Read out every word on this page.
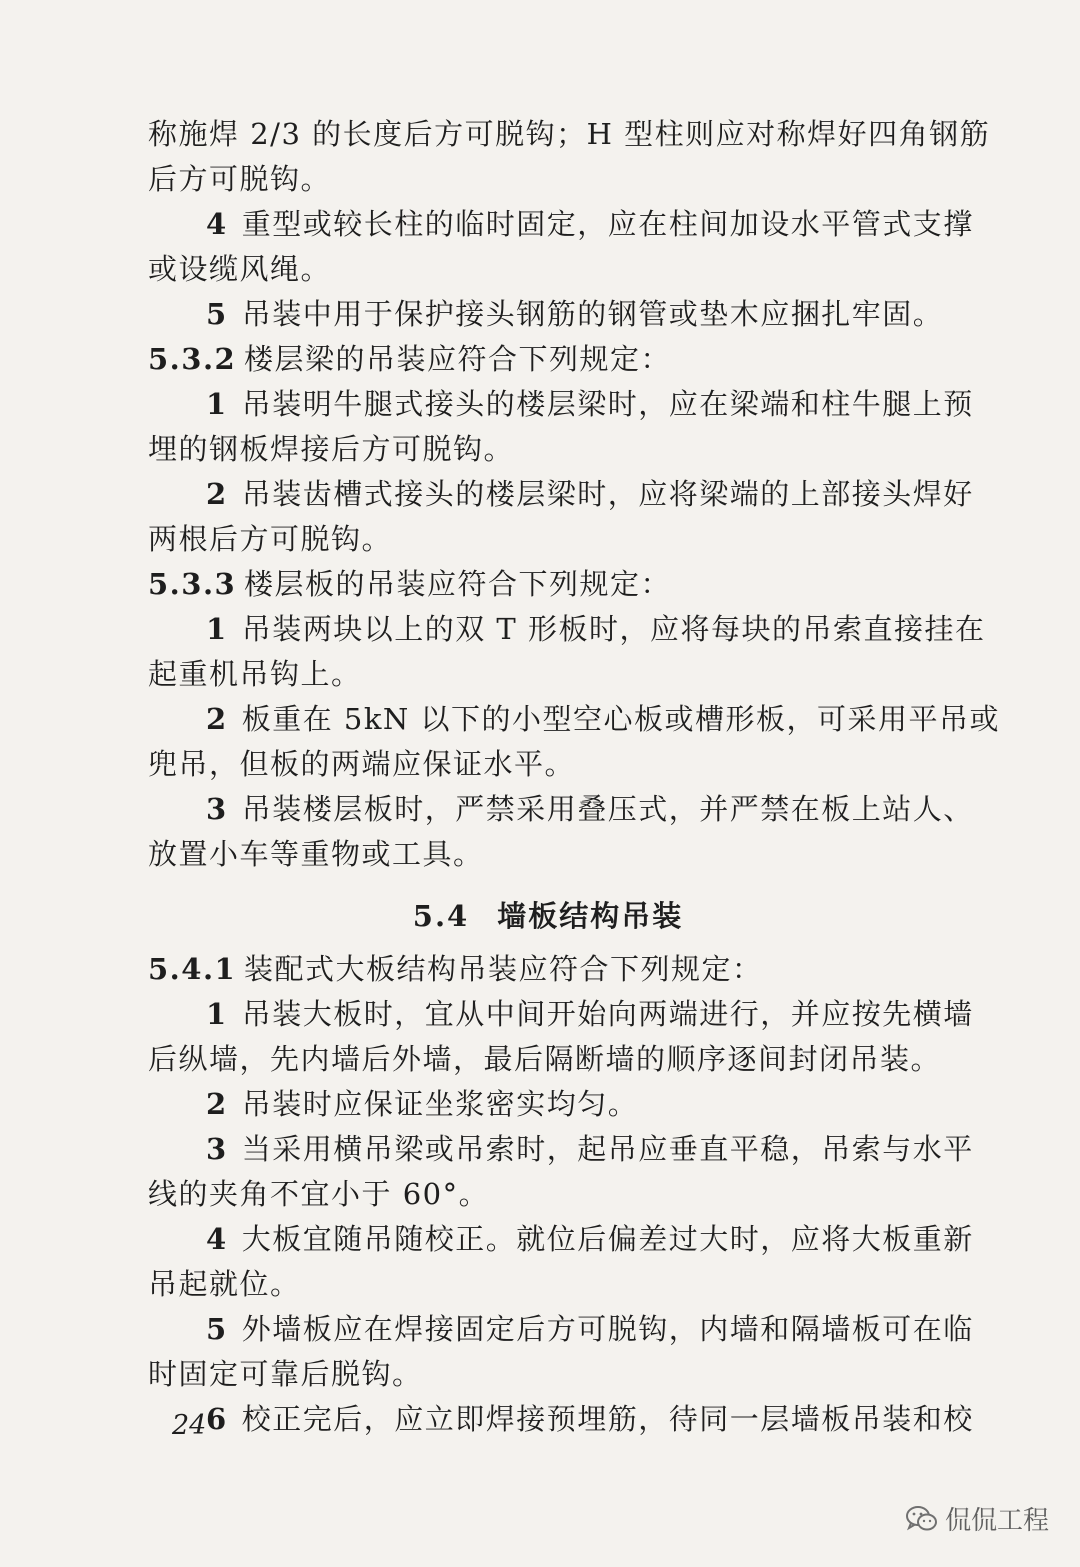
称施焊 2/3 的长度后方可脱钩；H 型柱则应对称焊好四角钢筋
后方可脱钩。
4 重型或较长柱的临时固定，应在柱间加设水平管式支撑
或设缆风绳。
5 吊装中用于保护接头钢筋的钢管或垫木应捆扎牢固。
5.3.2 楼层梁的吊装应符合下列规定：
1 吊装明牛腿式接头的楼层梁时，应在梁端和柱牛腿上预
埋的钢板焊接后方可脱钩。
2 吊装齿槽式接头的楼层梁时，应将梁端的上部接头焊好
两根后方可脱钩。
5.3.3 楼层板的吊装应符合下列规定：
1 吊装两块以上的双 T 形板时，应将每块的吊索直接挂在
起重机吊钩上。
2 板重在 5kN 以下的小型空心板或槽形板，可采用平吊或
兜吊，但板的两端应保证水平。
3 吊装楼层板时，严禁采用叠压式，并严禁在板上站人、
放置小车等重物或工具。
5.4 墙板结构吊装
5.4.1 装配式大板结构吊装应符合下列规定：
1 吊装大板时，宜从中间开始向两端进行，并应按先横墙
后纵墙，先内墙后外墙，最后隔断墙的顺序逐间封闭吊装。
2 吊装时应保证坐浆密实均匀。
3 当采用横吊梁或吊索时，起吊应垂直平稳，吊索与水平
线的夹角不宜小于 60°。
4 大板宜随吊随校正。就位后偏差过大时，应将大板重新
吊起就位。
5 外墙板应在焊接固定后方可脱钩，内墙和隔墙板可在临
时固定可靠后脱钩。
6 校正完后，应立即焊接预埋筋，待同一层墙板吊装和校
24
侃侃工程
